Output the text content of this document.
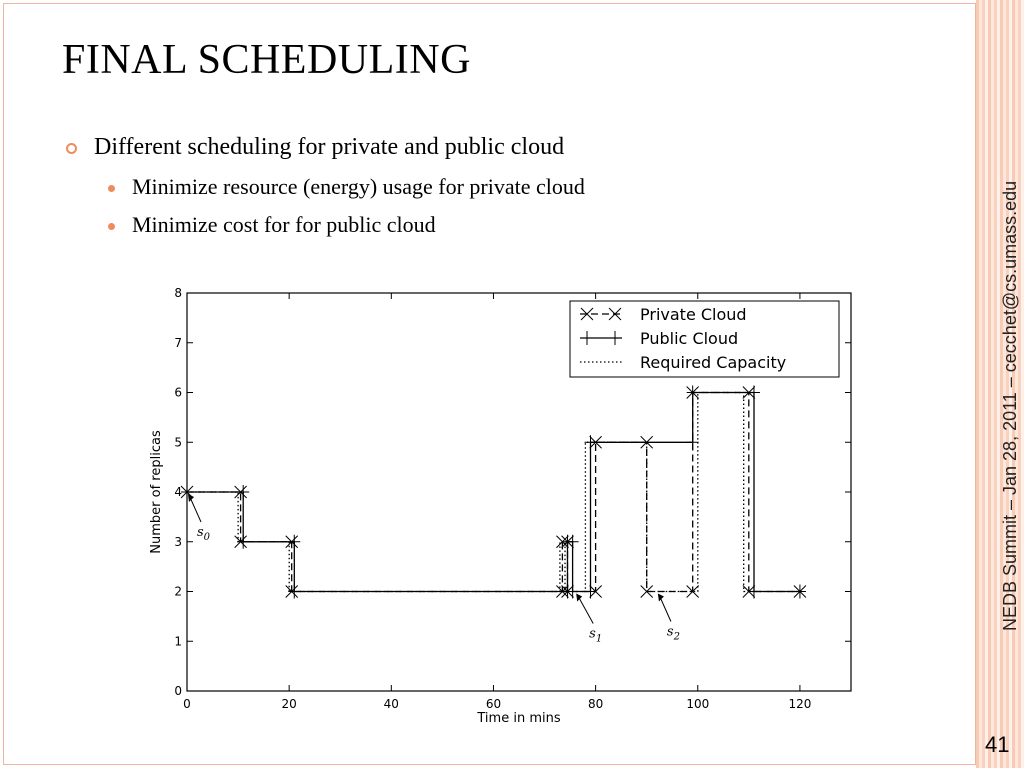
FINAL SCHEDULING
Different scheduling for private and public cloud
Minimize resource (energy) usage for private cloud
Minimize cost for for public cloud
0	20	40	60	80	100	120
0
1
2
3
4
5
6
7
8
$s_0$
$s_1$	$s_2$
Time in mins
Number of replicas
Private Cloud
Public Cloud
Required Capacity	NEDB Summit – Jan 28, 2011 – cecchet@cs.umass.edu
41
